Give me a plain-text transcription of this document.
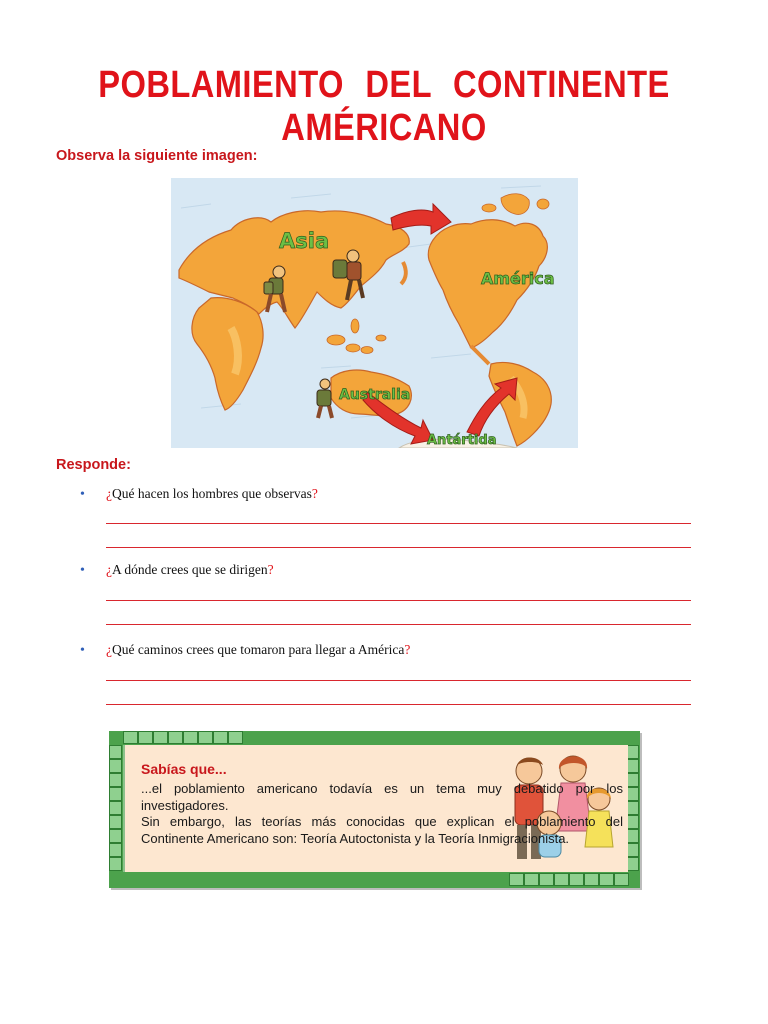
POBLAMIENTO DEL CONTINENTE AMÉRICANO
Observa la siguiente imagen:
Asia
América
Australia
Antártida
Responde:
• ¿Qué hacen los hombres que observas?
• ¿A dónde crees que se dirigen?
• ¿Qué caminos crees que tomaron para llegar a América?
Sabías que...

...el poblamiento americano todavía es un tema muy debatido por los investigadores.

Sin embargo, las teorías más conocidas que explican el poblamiento del Continente Americano son: Teoría Autoctonista y la Teoría Inmigracionista.
